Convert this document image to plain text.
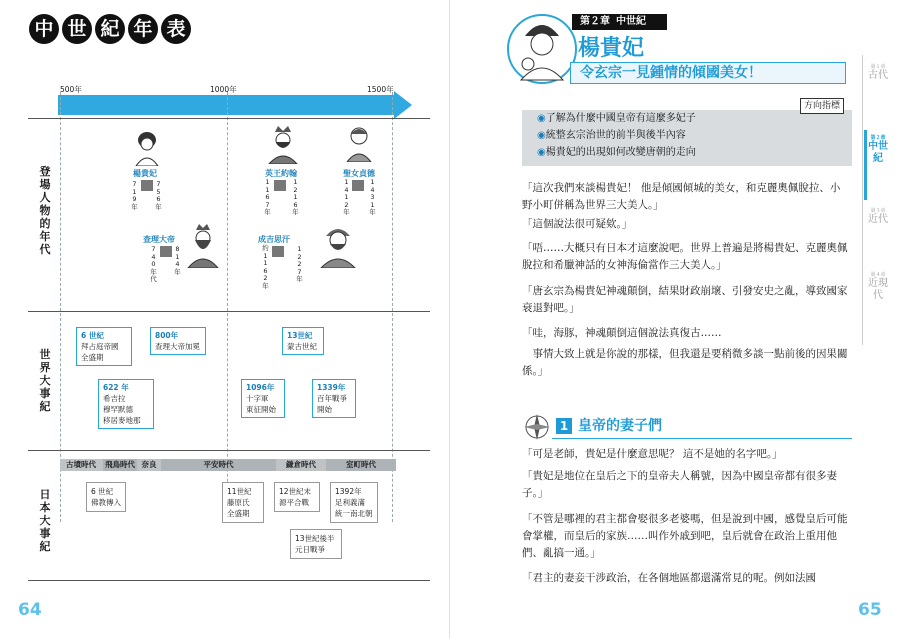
中 世 紀 年 表
500年	1000年	1500年
登場人物的年代
世界大事紀
日本大事紀
楊貴妃
719年
756年
英王約翰
1167年
1216年
聖女貞德
1412年
1431年
查理大帝
740年代
814年
成吉思汗
約1162年
1227年
6 世紀
拜占庭帝國
全盛期
800年
查理大帝加冕
622 年
希吉拉
穆罕默德
移居麥地那
13世紀
蒙古世紀
1096年
十字軍
東征開始
1339年
百年戰爭
開始
古墳時代	飛鳥時代 奈良	平安時代	鎌倉時代	室町時代
6 世紀
佛教傳入
11世紀
藤原氏
全盛期
12世紀末
源平合戰
1392年
足利義滿
統一南北朝
13世紀後半
元日戰爭
64
第２章 中世紀
楊貴妃
令玄宗一見鍾情的傾國美女！
方向指標
◉了解為什麼中國皇帝有這麼多妃子
◉統整玄宗治世的前半與後半內容
◉楊貴妃的出現如何改變唐朝的走向
「這次我們來談楊貴妃！ 他是傾國傾城的美女，和克麗奧佩脫拉、小野小町併稱為世界三大美人。」
「這個說法很可疑欸。」
「唔……大概只有日本才這麼說吧。世界上普遍是將楊貴妃、克麗奧佩脫拉和希臘神話的女神海倫當作三大美人。」
「唐玄宗為楊貴妃神魂顛倒，結果財政崩壞、引發安史之亂，導致國家衰退對吧。」
「哇，海豚，神魂顛倒這個說法真復古……
　事情大致上就是你說的那樣，但我還是要稍微多談一點前後的因果關係。」
1 皇帝的妻子們
「可是老師，貴妃是什麼意思呢？ 這不是她的名字吧。」
「貴妃是地位在皇后之下的皇帝夫人稱號，因為中國皇帝都有很多妻子。」
「不管是哪裡的君主都會娶很多老婆嗎，但是說到中國，感覺皇后可能會掌權，而皇后的家族……叫作外戚到吧，皇后就會在政治上重用他們、亂搞一通。」
「君主的妻妾干涉政治，在各個地區都還滿常見的呢。例如法國
第１章
古代
第２章
中世紀
第３章
近代
第４章
近現代
65
